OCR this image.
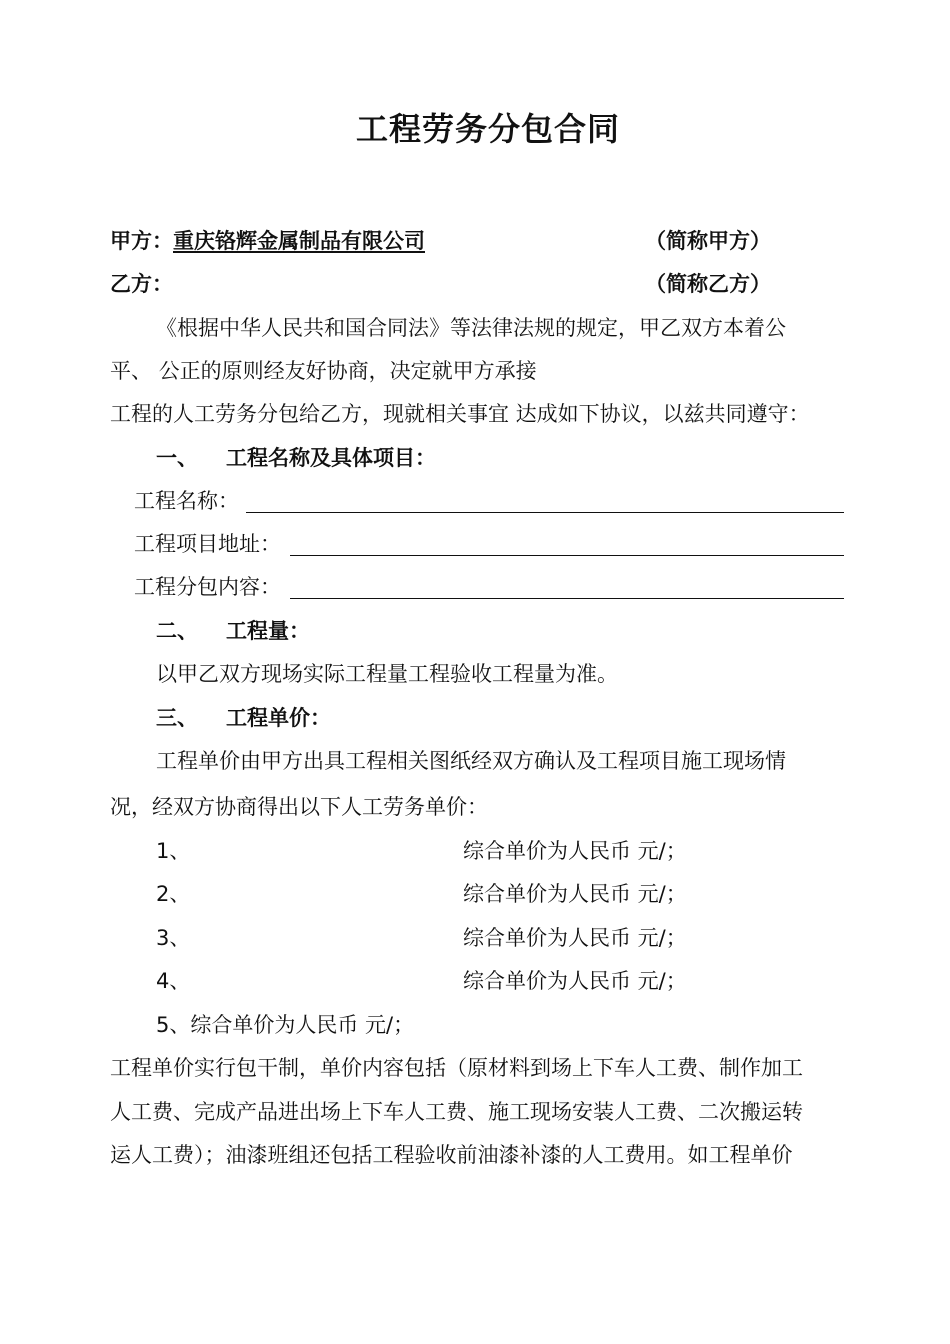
工程劳务分包合同
甲方：重庆铬辉金属制品有限公司	（简称甲方）
乙方：	（简称乙方）
《根据中华人民共和国合同法》等法律法规的规定，甲乙双方本着公
平、 公正的原则经友好协商，决定就甲方承接
工程的人工劳务分包给乙方，现就相关事宜 达成如下协议，以兹共同遵守：
一、 工程名称及具体项目：
工程名称：
工程项目地址：
工程分包内容：
二、 工程量：
以甲乙双方现场实际工程量工程验收工程量为准。
三、 工程单价：
工程单价由甲方出具工程相关图纸经双方确认及工程项目施工现场情
况，经双方协商得出以下人工劳务单价：
1、	综合单价为人民币 元/；
2、	综合单价为人民币 元/；
3、	综合单价为人民币 元/；
4、	综合单价为人民币 元/；
5、综合单价为人民币 元/；
工程单价实行包干制，单价内容包括（原材料到场上下车人工费、制作加工
人工费、完成产品进出场上下车人工费、施工现场安装人工费、二次搬运转
运人工费）；油漆班组还包括工程验收前油漆补漆的人工费用。如工程单价
